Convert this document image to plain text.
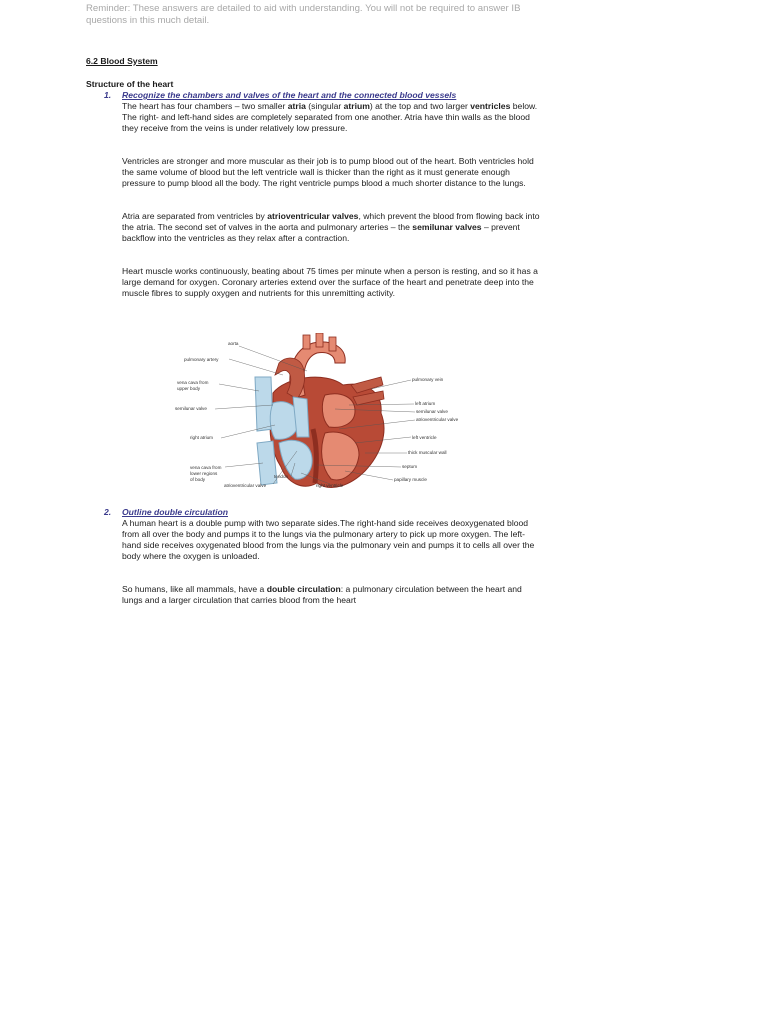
Reminder: These answers are detailed to aid with understanding. You will not be required to answer IB questions in this much detail.
6.2 Blood System
Structure of the heart
1. Recognize the chambers and valves of the heart and the connected blood vessels
The heart has four chambers – two smaller atria (singular atrium) at the top and two larger ventricles below. The right- and left-hand sides are completely separated from one another. Atria have thin walls as the blood they receive from the veins is under relatively low pressure.
Ventricles are stronger and more muscular as their job is to pump blood out of the heart. Both ventricles hold the same volume of blood but the left ventricle wall is thicker than the right as it must generate enough pressure to pump blood all the body. The right ventricle pumps blood a much shorter distance to the lungs.
Atria are separated from ventricles by atrioventricular valves, which prevent the blood from flowing back into the atria. The second set of valves in the aorta and pulmonary arteries – the semilunar valves – prevent backflow into the ventricles as they relax after a contraction.
Heart muscle works continuously, beating about 75 times per minute when a person is resting, and so it has a large demand for oxygen. Coronary arteries extend over the surface of the heart and penetrate deep into the muscle fibres to supply oxygen and nutrients for this unremitting activity.
aorta
pulmonary artery
vena cava from
upper body
semilunar valve
right atrium
vena cava from
lower regions
of body
tendon
atrioventricular valve	right ventricle
pulmonary vein
left atrium
semilunar valve
atrioventricular valve
left ventricle
thick muscular wall
septum
papillary muscle
2. Outline double circulation
A human heart is a double pump with two separate sides.The right-hand side receives deoxygenated blood from all over the body and pumps it to the lungs via the pulmonary artery to pick up more oxygen. The left-hand side receives oxygenated blood from the lungs via the pulmonary vein and pumps it to cells all over the body where the oxygen is unloaded.
So humans, like all mammals, have a double circulation: a pulmonary circulation between the heart and lungs and a larger circulation that carries blood from the heart
